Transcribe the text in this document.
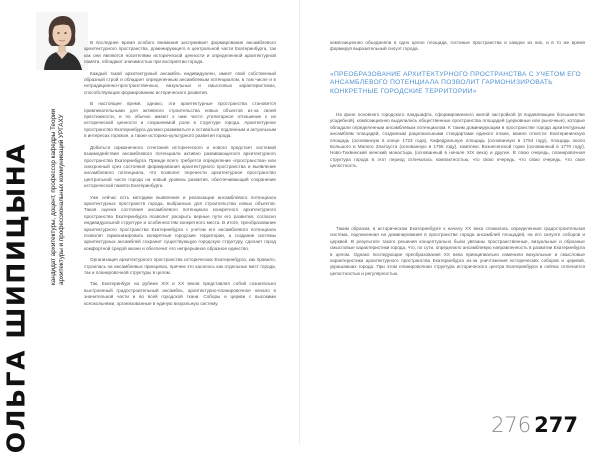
ОЛЬГА ШИПИЦЫНА	кандидат архитектуры, доцент, профессор кафедры Теории архитектуры и профессиональных коммуникаций УРГАХУ

В последнее время особого внимания заслуживает формирование ансамблевого архитектурного пространства, доминирующего в центральной части Екатеринбурга, так как они являются носителями исторической ценности и определенной архитектурной памяти, обладают значимостью при восприятии города.

Каждый такой архитектурный ансамбль индивидуален, имеет свой собственный образный строй и обладает определенным ансамблевым потенциалом, в том числе и в нетрадиционно-пространственных, визуальных и смысловых характеристиках, способствующих формированию исторического развития.

В настоящее время, однако, эти архитектурные пространства становятся привлекательными для активного строительства новых объектов из-за своей престижности, и по обычно имеют к ним чисто утилитарное отношение к их исторической ценности и сохраняемой роли в структуре города. Архитектурное пространство Екатеринбурга должно развиваться и оставаться подлинным и актуальным в интересах горожан, а также историко-культурного развития города.

Добиться гармоничного сочетания исторического и нового предстает системой взаимодействия ансамблевого потенциала активно развивающегося архитектурного пространства Екатеринбурга. Прежде всего требуется определение «пространства» или синхронный срез состояния формирования архитектурного пространства и выявление ансамблевого потенциала, что позволит перенести архитектурное пространство центральной части города на новый уровень развития, обеспечивающий сохранение исторической памяти Екатеринбурга.

Уже сейчас есть методики выявления и реализации ансамблевого потенциала архитектурных пространств города, выбранных для строительства новых объектов. Такая оценка состояния ансамблевого потенциала конкретного архитектурного пространства Екатеринбурга позволит раскрыть верные пути его развития, согласно индивидуальной структуре и особенностям конкретного места. В итоге, преобразование архитектурного пространства Екатеринбурга с учетом его ансамблевого потенциала позволит гармонизировать конкретные городские территории, а создание системы архитектурных ансамблей сохранит существующую городскую структуру, сделает город комфортной средой жизни и обеспечит его непрерывное образное единство.

Организация архитектурного пространства исторических Екатеринбурга, как правило, строилась на ансамблевых принципах, причем это касалось как отдельных мест города, так и планировочной структуры в целом.

Так, Екатеринбург на рубеже XIX и XX веков представлял собой сознательно выстроенный градостроительный ансамбль, архитектурно-планировочное начало в значительной части и во всей городской ткани. Соборы и церкви с высокими колокольнями, организованные в единую визуальную систему.

композиционно объединяли в одно целое площади, гостиные пространства и каждое из них, и в то же время формируя выразительный силуэт города.

«ПРЕОБРАЗОВАНИЕ АРХИТЕКТУРНОГО ПРОСТРАНСТВА С УЧЕТОМ ЕГО АНСАМБЛЕВОГО ПОТЕНЦИАЛА ПОЗВОЛИТ ГАРМОНИЗИРОВАТЬ КОНКРЕТНЫЕ ГОРОДСКИЕ ТЕРРИТОРИИ»

На фоне основного городского ландшафта, сформированного жилой застройкой (в подавляющем большинстве усадебной), композиционно выделились общественные пространства площадей (церковные или рыночные), которые обладали определенным ансамблевым потенциалом. К таким доминирующим в пространстве города архитектурным ансамблям площадей, созданным рациональными стандартами единого плана, можно отнести: Екатерининскую площадь (основанную в конце 1723 года), Кафедральную площадь (основанную в 1754 году), площадь около Большого и Малого Златоуста (основанную в 1755 году), комплекс Вознесенской горки (основанный в 1770 году), Ново-Тихвинский женский монастырь (основанный в начале XIX века) и другие. В свою очередь, планировочная структура города в этот период отличалась компактностью, что свою очередь, что свою очередь, что свое целостность.

Таким образом, в историческом Екатеринбурге к началу XX века сложилась определенная градостроительная система, подчиненная на доминирования в пространстве города ансамблей площадей, на его силуэте соборов и церквей. В результате такого решения концептуально были увязаны пространственные, визуальные и образные смысловые характеристики города, что, по сути, определило ансамблевую направленность в развитии Екатеринбурга в целом. Однако последующие преобразования XX века принципиально изменили визуальные и смысловые характеристики архитектурного пространства Екатеринбурга из-за уничтожения исторических соборов и церквей, украшавших города. При этом планировочная структура исторического центра Екатеринбурга и сейчас отличается целостностью и регулярностью.

276 277
